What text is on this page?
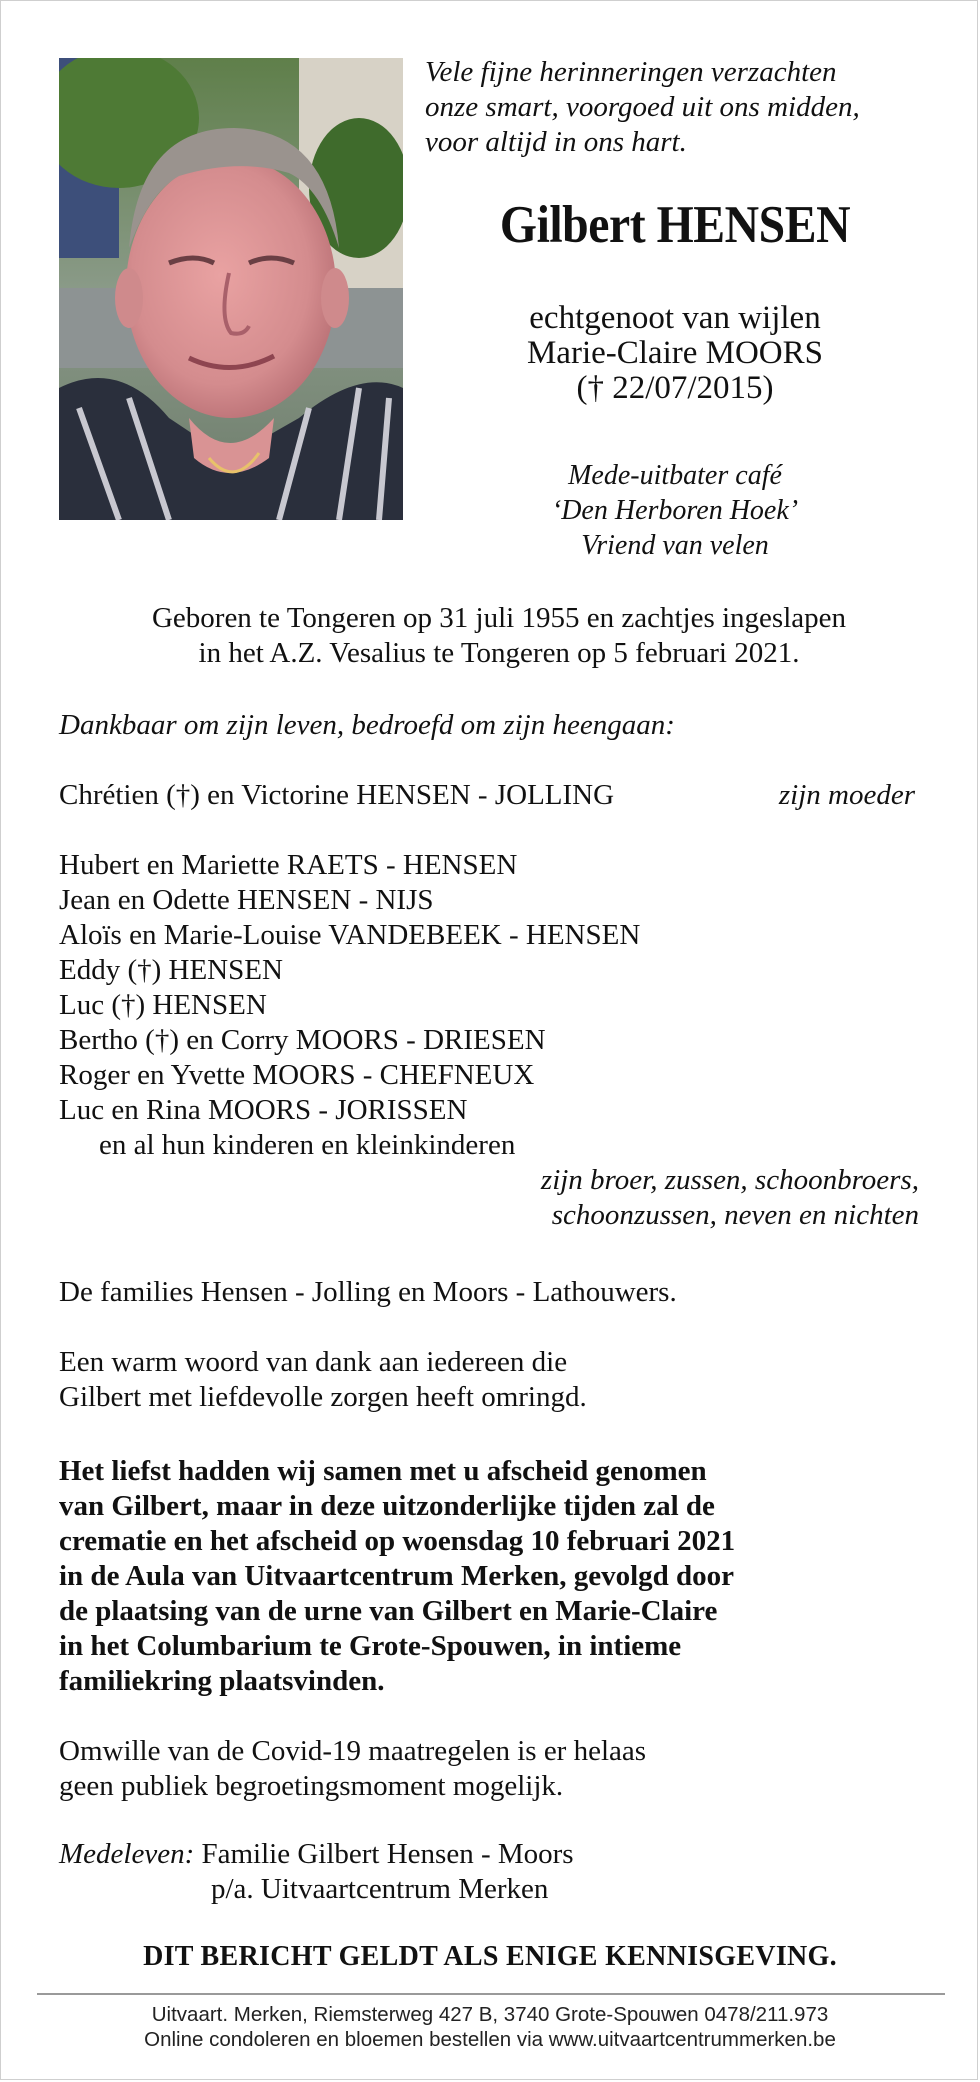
Vele fijne herinneringen verzachten
onze smart, voorgoed uit ons midden,
voor altijd in ons hart.
Gilbert HENSEN
echtgenoot van wijlen
Marie-Claire MOORS
(† 22/07/2015)
Mede-uitbater café
‘Den Herboren Hoek’
Vriend van velen
Geboren te Tongeren op 31 juli 1955 en zachtjes ingeslapen
in het A.Z. Vesalius te Tongeren op 5 februari 2021.
Dankbaar om zijn leven, bedroefd om zijn heengaan:
Chrétien (†) en Victorine HENSEN - JOLLING	zijn moeder
Hubert en Mariette RAETS - HENSEN
Jean en Odette HENSEN - NIJS
Aloïs en Marie-Louise VANDEBEEK - HENSEN
Eddy (†) HENSEN
Luc (†) HENSEN
Bertho (†) en Corry MOORS - DRIESEN
Roger en Yvette MOORS - CHEFNEUX
Luc en Rina MOORS - JORISSEN
en al hun kinderen en kleinkinderen
zijn broer, zussen, schoonbroers,
schoonzussen, neven en nichten
De families Hensen - Jolling en Moors - Lathouwers.
Een warm woord van dank aan iedereen die
Gilbert met liefdevolle zorgen heeft omringd.
Het liefst hadden wij samen met u afscheid genomen
van Gilbert, maar in deze uitzonderlijke tijden zal de
crematie en het afscheid op woensdag 10 februari 2021
in de Aula van Uitvaartcentrum Merken, gevolgd door
de plaatsing van de urne van Gilbert en Marie-Claire
in het Columbarium te Grote-Spouwen, in intieme
familiekring plaatsvinden.
Omwille van de Covid-19 maatregelen is er helaas
geen publiek begroetingsmoment mogelijk.
Medeleven: Familie Gilbert Hensen - Moors
p/a. Uitvaartcentrum Merken
DIT BERICHT GELDT ALS ENIGE KENNISGEVING.
Uitvaart. Merken, Riemsterweg 427 B, 3740 Grote-Spouwen 0478/211.973
Online condoleren en bloemen bestellen via www.uitvaartcentrummerken.be
